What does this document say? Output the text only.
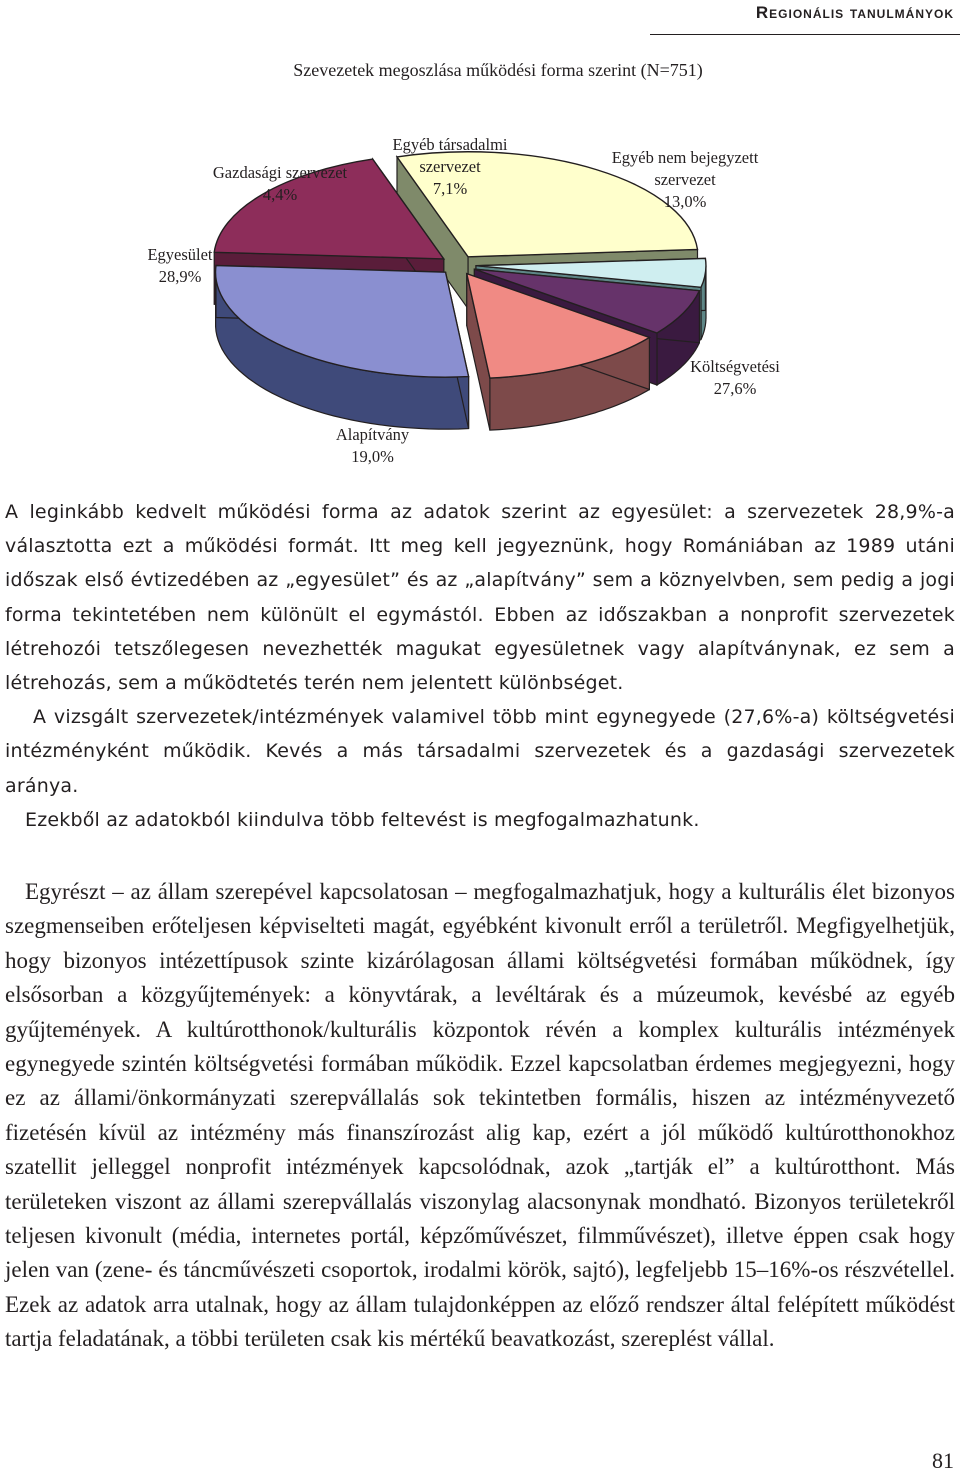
Regionális tanulmányok
Szevezetek megoszlása működési forma szerint (N=751)
Egyesület
28,9%
Gazdasági szervezet
4,4%
Egyéb társadalmi
szervezet
7,1%
Egyéb nem bejegyzett
szervezet
13,0%
Költségvetési
27,6%
Alapítvány
19,0%

A leginkább kedvelt működési forma az adatok szerint az egyesület: a szervezetek 28,9%-a választotta ezt a működési formát. Itt meg kell jegyeznünk, hogy Romániában az 1989 utáni időszak első évtizedében az „egyesület” és az „alapítvány” sem a köznyelvben, sem pedig a jogi forma tekintetében nem különült el egymástól. Ebben az időszakban a nonprofit szervezetek létrehozói tetszőlegesen nevezhették magukat egyesületnek vagy alapítványnak, ez sem a létrehozás, sem a működtetés terén nem jelentett különbséget.

A vizsgált szervezetek/intézmények valamivel több mint egynegyede (27,6%-a) költségvetési intézményként működik. Kevés a más társadalmi szervezetek és a gazdasági szervezetek aránya.

Ezekből az adatokból kiindulva több feltevést is megfogalmazhatunk.

Egyrészt – az állam szerepével kapcsolatosan – megfogalmazhatjuk, hogy a kulturális élet bizonyos szegmenseiben erőteljesen képviselteti magát, egyébként kivonult erről a területről. Megfigyelhetjük, hogy bizonyos intézettípusok szinte kizárólagosan állami költségvetési formában működnek, így elsősorban a közgyűjtemények: a könyvtárak, a levéltárak és a múzeumok, kevésbé az egyéb gyűjtemények. A kultúrotthonok/kulturális központok révén a komplex kulturális intézmények egynegyede szintén költségvetési formában működik. Ezzel kapcsolatban érdemes megjegyezni, hogy ez az állami/önkormányzati szerepvállalás sok tekintetben formális, hiszen az intézményvezető fizetésén kívül az intézmény más finanszírozást alig kap, ezért a jól működő kultúrotthonokhoz szatellit jelleggel nonprofit intézmények kapcsolódnak, azok „tartják el” a kultúrotthont. Más területeken viszont az állami szerepvállalás viszonylag alacsonynak mondható. Bizonyos területekről teljesen kivonult (média, internetes portál, képzőművészet, filmművészet), illetve éppen csak hogy jelen van (zene- és táncművészeti csoportok, irodalmi körök, sajtó), legfeljebb 15–16%-os részvétellel. Ezek az adatok arra utalnak, hogy az állam tulajdonképpen az előző rendszer által felépített működést tartja feladatának, a többi területen csak kis mértékű beavatkozást, szereplést vállal.

81
